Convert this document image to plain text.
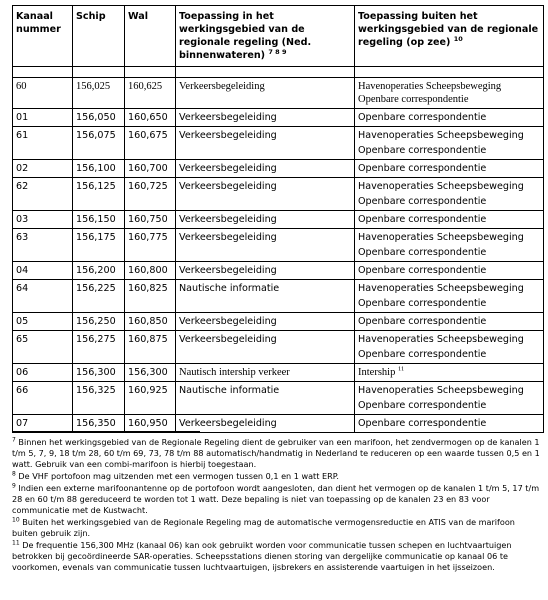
Kanaal nummer	Schip	Wal	Toepassing in het werkingsgebied van de regionale regeling (Ned. binnenwateren) $^{7 8 9}$	Toepassing buiten het werkingsgebied van de regionale regeling (op zee) $^{10}$

60	156,025	160,625	Verkeersbegeleiding	Havenoperaties Scheepsbeweging
Openbare correspondentie

01	156,050	160,650	Verkeersbegeleiding	Openbare correspondentie

61	156,075	160,675	Verkeersbegeleiding	Havenoperaties Scheepsbeweging
Openbare correspondentie

02	156,100	160,700	Verkeersbegeleiding	Openbare correspondentie

62	156,125	160,725	Verkeersbegeleiding	Havenoperaties Scheepsbeweging
Openbare correspondentie

03	156,150	160,750	Verkeersbegeleiding	Openbare correspondentie

63	156,175	160,775	Verkeersbegeleiding	Havenoperaties Scheepsbeweging
Openbare correspondentie

04	156,200	160,800	Verkeersbegeleiding	Openbare correspondentie

64	156,225	160,825	Nautische informatie	Havenoperaties Scheepsbeweging
Openbare correspondentie

05	156,250	160,850	Verkeersbegeleiding	Openbare correspondentie

65	156,275	160,875	Verkeersbegeleiding	Havenoperaties Scheepsbeweging
Openbare correspondentie

06	156,300	156,300	Nautisch intership verkeer	Intership $^{11}$

66	156,325	160,925	Nautische informatie	Havenoperaties Scheepsbeweging
Openbare correspondentie

07	156,350	160,950	Verkeersbegeleiding	Openbare correspondentie

$^7$ Binnen het werkingsgebied van de Regionale Regeling dient de gebruiker van een marifoon, het zendvermogen op de kanalen 1 t/m 5, 7, 9, 18 t/m 28, 60 t/m 69, 73, 78 t/m 88 automatisch/handmatig in Nederland te reduceren op een waarde tussen 0,5 en 1 watt. Gebruik van een combi-marifoon is hierbij toegestaan.

$^8$ De VHF portofoon mag uitzenden met een vermogen tussen 0,1 en 1 watt ERP.

$^9$ Indien een externe marifoonantenne op de portofoon wordt aangesloten, dan dient het vermogen op de kanalen 1 t/m 5, 17 t/m 28 en 60 t/m 88 gereduceerd te worden tot 1 watt. Deze bepaling is niet van toepassing op de kanalen 23 en 83 voor communicatie met de Kustwacht.

$^{10}$ Buiten het werkingsgebied van de Regionale Regeling mag de automatische vermogensreductie en ATIS van de marifoon buiten gebruik zijn.

$^{11}$ De frequentie 156,300 MHz (kanaal 06) kan ook gebruikt worden voor communicatie tussen schepen en luchtvaartuigen betrokken bij gecoördineerde SAR-operaties. Scheepsstations dienen storing van dergelijke communicatie op kanaal 06 te voorkomen, evenals van communicatie tussen luchtvaartuigen, ijsbrekers en assisterende vaartuigen in het ijsseizoen.
